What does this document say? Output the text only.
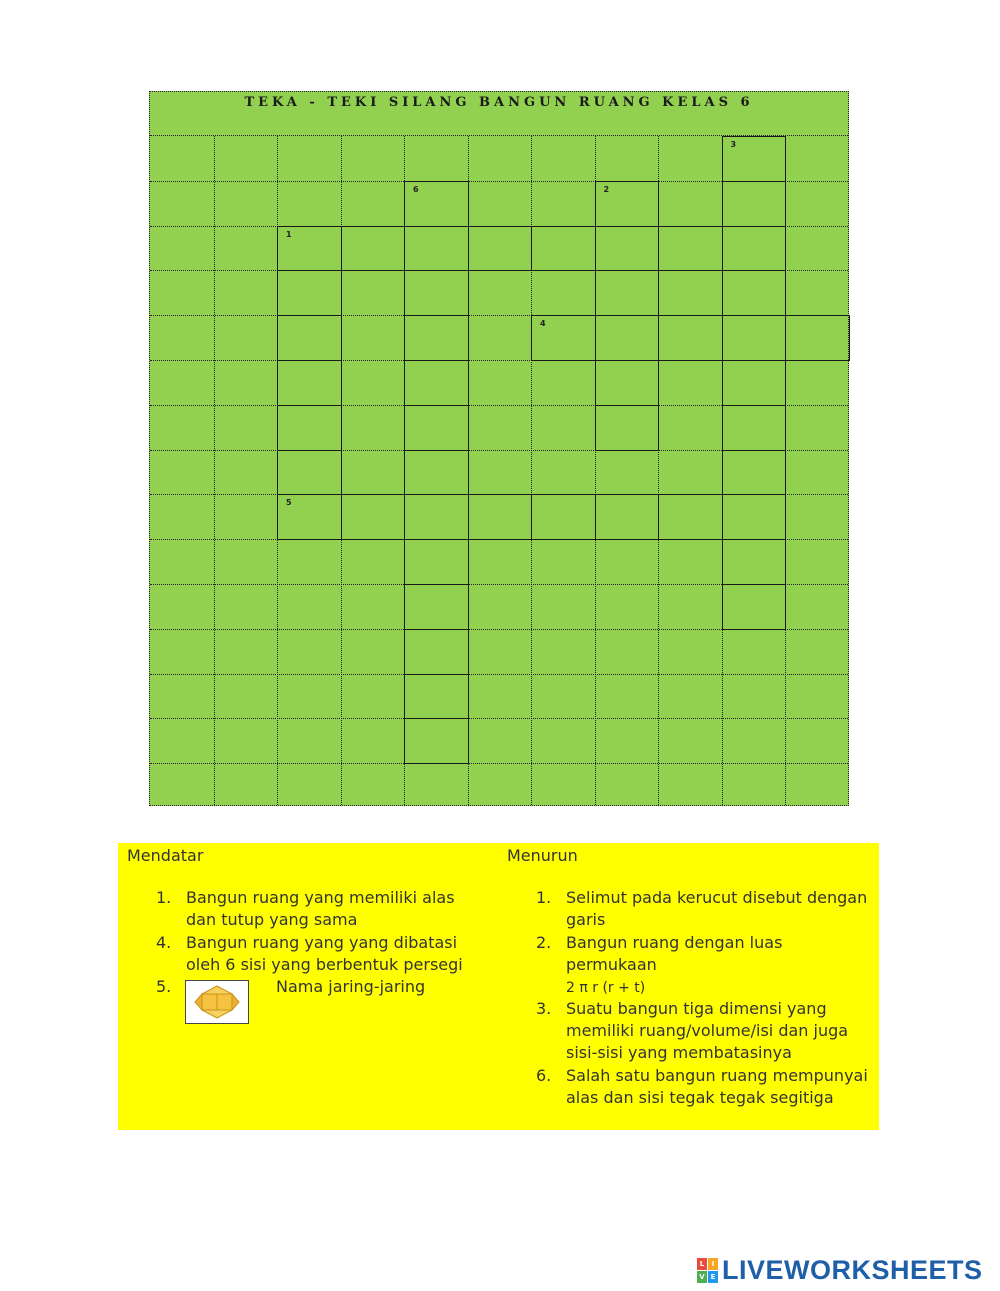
TEKA - TEKI SILANG BANGUN RUANG KELAS 6
3
6	2
1
4
5
Mendatar	Menurun
1. Bangun ruang yang memiliki alas dan tutup yang sama
4. Bangun ruang yang yang dibatasi oleh 6 sisi yang berbentuk persegi
5.	Nama jaring-jaring
1. Selimut pada kerucut disebut dengan garis
2. Bangun ruang dengan luas permukaan
2 π r (r + t)
3. Suatu bangun tiga dimensi yang memiliki ruang/volume/isi dan juga sisi-sisi yang membatasinya
6. Salah satu bangun ruang mempunyai alas dan sisi tegak tegak segitiga
L	I
V E LIVEWORKSHEETS
